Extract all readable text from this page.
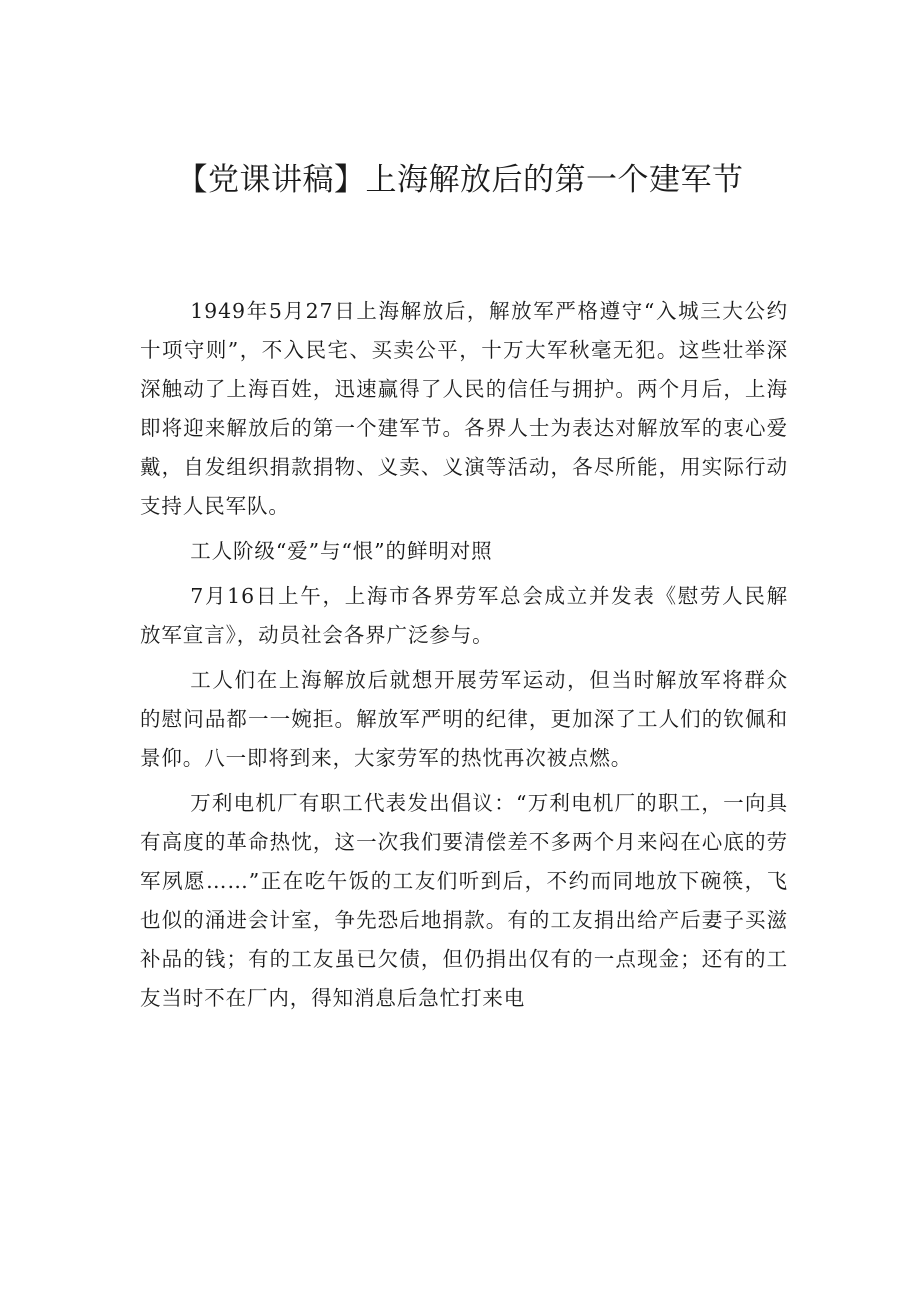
【党课讲稿】上海解放后的第一个建军节

1949年5月27日上海解放后，解放军严格遵守“入城三大公约十项守则”，不入民宅、买卖公平，十万大军秋毫无犯。这些壮举深深触动了上海百姓，迅速赢得了人民的信任与拥护。两个月后，上海即将迎来解放后的第一个建军节。各界人士为表达对解放军的衷心爱戴，自发组织捐款捐物、义卖、义演等活动，各尽所能，用实际行动支持人民军队。

工人阶级“爱”与“恨”的鲜明对照

7月16日上午，上海市各界劳军总会成立并发表《慰劳人民解放军宣言》，动员社会各界广泛参与。

工人们在上海解放后就想开展劳军运动，但当时解放军将群众的慰问品都一一婉拒。解放军严明的纪律，更加深了工人们的钦佩和景仰。八一即将到来，大家劳军的热忱再次被点燃。

万利电机厂有职工代表发出倡议：“万利电机厂的职工，一向具有高度的革命热忱，这一次我们要清偿差不多两个月来闷在心底的劳军夙愿……”正在吃午饭的工友们听到后，不约而同地放下碗筷，飞也似的涌进会计室，争先恐后地捐款。有的工友捐出给产后妻子买滋补品的钱；有的工友虽已欠债，但仍捐出仅有的一点现金；还有的工友当时不在厂内，得知消息后急忙打来电
